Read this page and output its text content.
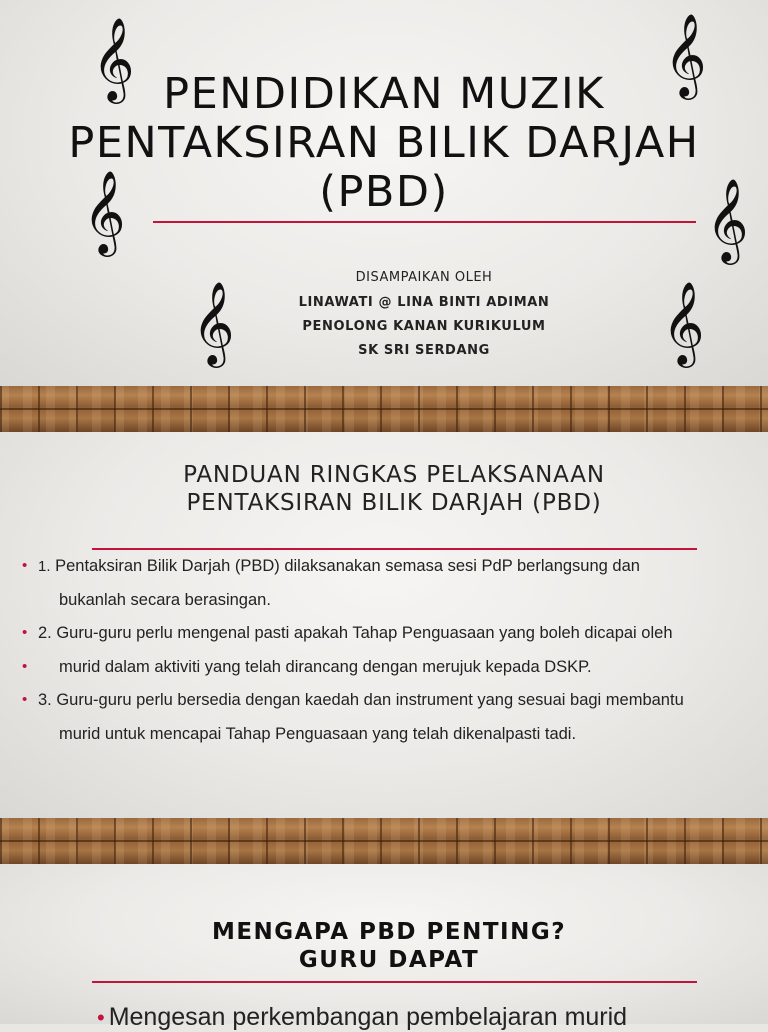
𝄞	𝄞
𝄞	𝄞
𝄞	𝄞
PENDIDIKAN MUZIK
PENTAKSIRAN BILIK DARJAH
(PBD)
DISAMPAIKAN OLEH
LINAWATI @ LINA BINTI ADIMAN
PENOLONG KANAN KURIKULUM
SK SRI SERDANG
PANDUAN RINGKAS PELAKSANAAN
PENTAKSIRAN BILIK DARJAH (PBD)
• 1. Pentaksiran Bilik Darjah (PBD) dilaksanakan semasa sesi PdP berlangsung dan
bukanlah secara berasingan.
• 2. Guru-guru perlu mengenal pasti apakah Tahap Penguasaan yang boleh dicapai oleh
• murid dalam aktiviti yang telah dirancang dengan merujuk kepada DSKP.
• 3. Guru-guru perlu bersedia dengan kaedah dan instrument yang sesuai bagi membantu
murid untuk mencapai Tahap Penguasaan yang telah dikenalpasti tadi.
MENGAPA PBD PENTING?
GURU DAPAT
• Mengesan perkembangan pembelajaran murid
